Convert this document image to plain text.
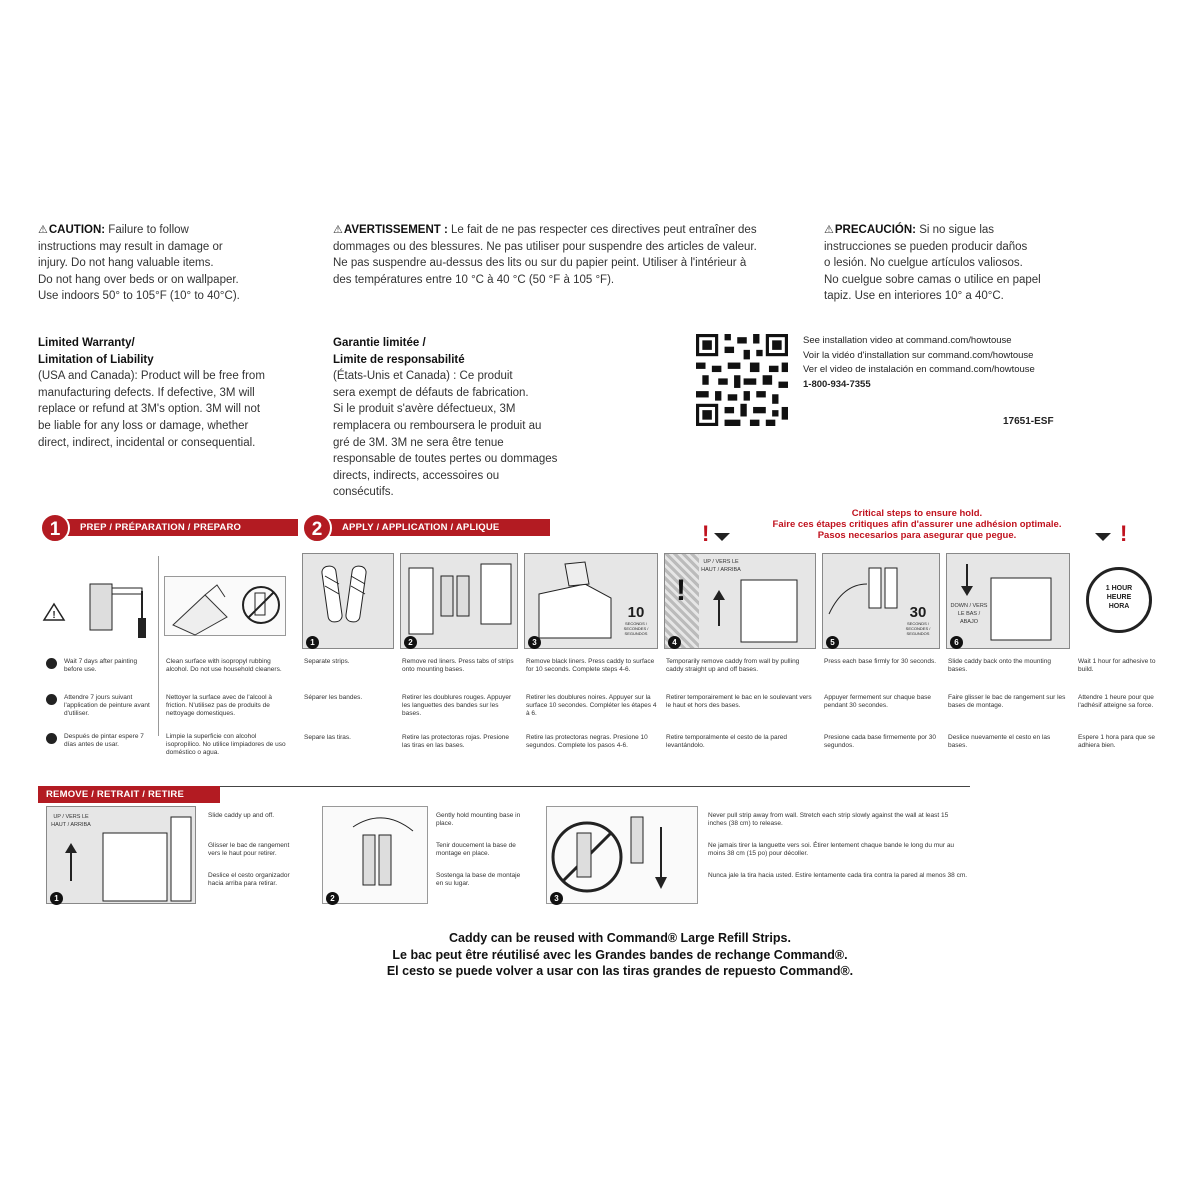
⚠CAUTION: Failure to follow
instructions may result in damage or
injury. Do not hang valuable items.
Do not hang over beds or on wallpaper.
Use indoors 50° to 105°F (10° to 40°C).
⚠AVERTISSEMENT : Le fait de ne pas respecter ces directives peut entraîner des
dommages ou des blessures. Ne pas utiliser pour suspendre des articles de valeur.
Ne pas suspendre au-dessus des lits ou sur du papier peint. Utiliser à l'intérieur à
des températures entre 10 °C à 40 °C (50 °F à 105 °F).
⚠PRECAUCIÓN: Si no sigue las
instrucciones se pueden producir daños
o lesión. No cuelgue artículos valiosos.
No cuelgue sobre camas o utilice en papel
tapiz. Use en interiores 10° a 40°C.
Limited Warranty/
Limitation of Liability
(USA and Canada): Product will be free from
manufacturing defects. If defective, 3M will
replace or refund at 3M's option. 3M will not
be liable for any loss or damage, whether
direct, indirect, incidental or consequential.
Garantie limitée /
Limite de responsabilité
(États-Unis et Canada) : Ce produit
sera exempt de défauts de fabrication.
Si le produit s'avère défectueux, 3M
remplacera ou remboursera le produit au
gré de 3M. 3M ne sera être tenue
responsable de toutes pertes ou dommages
directs, indirects, accessoires ou
consécutifs.
See installation video at command.com/howtouse
Voir la vidéo d'installation sur command.com/howtouse
Ver el video de instalación en command.com/howtouse
1-800-934-7355
17651-ESF
Critical steps to ensure hold.
Faire ces étapes critiques afin d'assurer une adhésion optimale.
Pasos necesarios para asegurar que pegue.
!	!
PREP / PRÉPARATION / PREPARO
1	APPLY / APPLICATION / APLIQUE
2
!
Wait 7 days after painting before use.
Attendre 7 jours suivant l'application de peinture avant d'utiliser.
Después de pintar espere 7 días antes de usar.
Clean surface with isopropyl rubbing alcohol. Do not use household cleaners.
Nettoyer la surface avec de l'alcool à friction. N'utilisez pas de produits de nettoyage domestiques.
Limpie la superficie con alcohol isopropílico. No utilice limpiadores de uso doméstico o agua.
1	2
10
SECONDS / SECONDES / SEGUNDOS
3
!
UP / VERS LE HAUT / ARRIBA
4
30
SECONDS / SECONDES / SEGUNDOS
5
DOWN / VERS LE BAS / ABAJO
6
1 HOUR
HEURE
HORA
Separate strips.
Séparer les bandes.
Separe las tiras.
Remove red liners. Press tabs of strips onto mounting bases.
Retirer les doublures rouges. Appuyer les languettes des bandes sur les bases.
Retire las protectoras rojas. Presione las tiras en las bases.
Remove black liners. Press caddy to surface for 10 seconds. Complete steps 4-6.
Retirer les doublures noires. Appuyer sur la surface 10 secondes. Compléter les étapes 4 à 6.
Retire las protectoras negras. Presione 10 segundos. Complete los pasos 4-6.
Temporarily remove caddy from wall by pulling caddy straight up and off bases.
Retirer temporairement le bac en le soulevant vers le haut et hors des bases.
Retire temporalmente el cesto de la pared levantándolo.
Press each base firmly for 30 seconds.
Appuyer fermement sur chaque base pendant 30 secondes.
Presione cada base firmemente por 30 segundos.
Slide caddy back onto the mounting bases.
Faire glisser le bac de rangement sur les bases de montage.
Deslice nuevamente el cesto en las bases.
Wait 1 hour for adhesive to build.
Attendre 1 heure pour que l'adhésif atteigne sa force.
Espere 1 hora para que se adhiera bien.
REMOVE / RETRAIT / RETIRE
UP / VERS LE HAUT / ARRIBA
1
Slide caddy up and off.
Glisser le bac de rangement vers le haut pour retirer.
Deslice el cesto organizador hacia arriba para retirar.
2
Gently hold mounting base in place.
Tenir doucement la base de montage en place.
Sostenga la base de montaje en su lugar.
3
Never pull strip away from wall. Stretch each strip slowly against the wall at least 15 inches (38 cm) to release.
Ne jamais tirer la languette vers soi. Étirer lentement chaque bande le long du mur au moins 38 cm (15 po) pour décoller.
Nunca jale la tira hacia usted. Estire lentamente cada tira contra la pared al menos 38 cm.
Caddy can be reused with Command® Large Refill Strips.
Le bac peut être réutilisé avec les Grandes bandes de rechange Command®.
El cesto se puede volver a usar con las tiras grandes de repuesto Command®.
